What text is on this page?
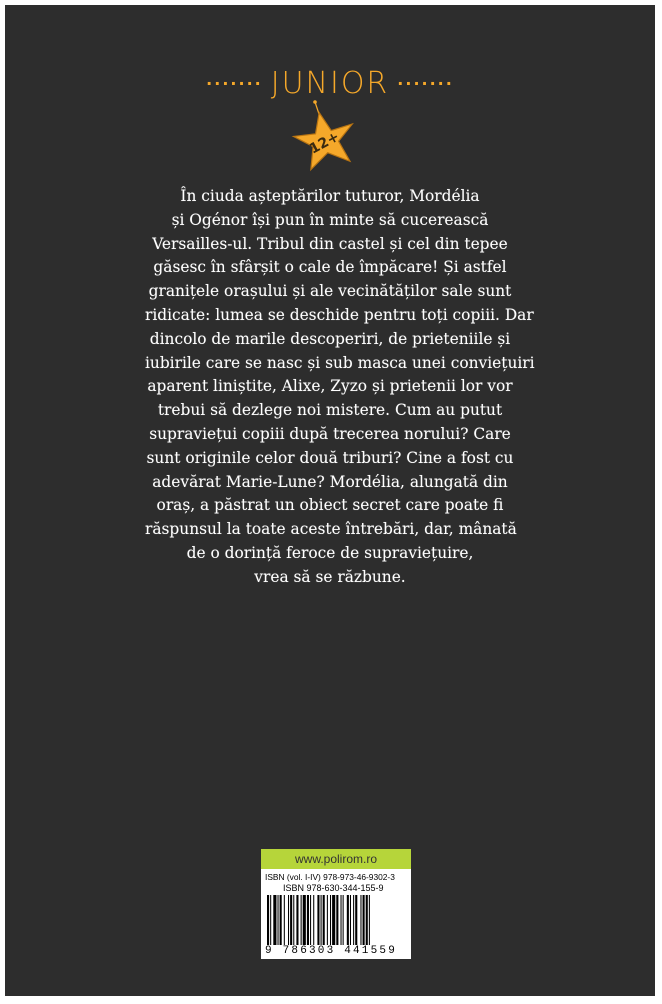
······· JUNIOR ·······
12+
În ciuda așteptărilor tuturor, Mordélia
și Ogénor își pun în minte să cucerească
Versailles-ul. Tribul din castel și cel din tepee
găsesc în sfârșit o cale de împăcare! Și astfel
granițele orașului și ale vecinătăților sale sunt
ridicate: lumea se deschide pentru toți copiii. Dar
dincolo de marile descoperiri, de prieteniile și
iubirile care se nasc și sub masca unei conviețuiri
aparent liniștite, Alixe, Zyzo și prietenii lor vor
trebui să dezlege noi mistere. Cum au putut
supraviețui copiii după trecerea norului? Care
sunt originile celor două triburi? Cine a fost cu
adevărat Marie-Lune? Mordélia, alungată din
oraș, a păstrat un obiect secret care poate fi
răspunsul la toate aceste întrebări, dar, mânată
de o dorință feroce de supraviețuire,
vrea să se răzbune.
www.polirom.ro
ISBN (vol. I-IV) 978-973-46-9302-3
ISBN 978-630-344-155-9
9 786303 441559
